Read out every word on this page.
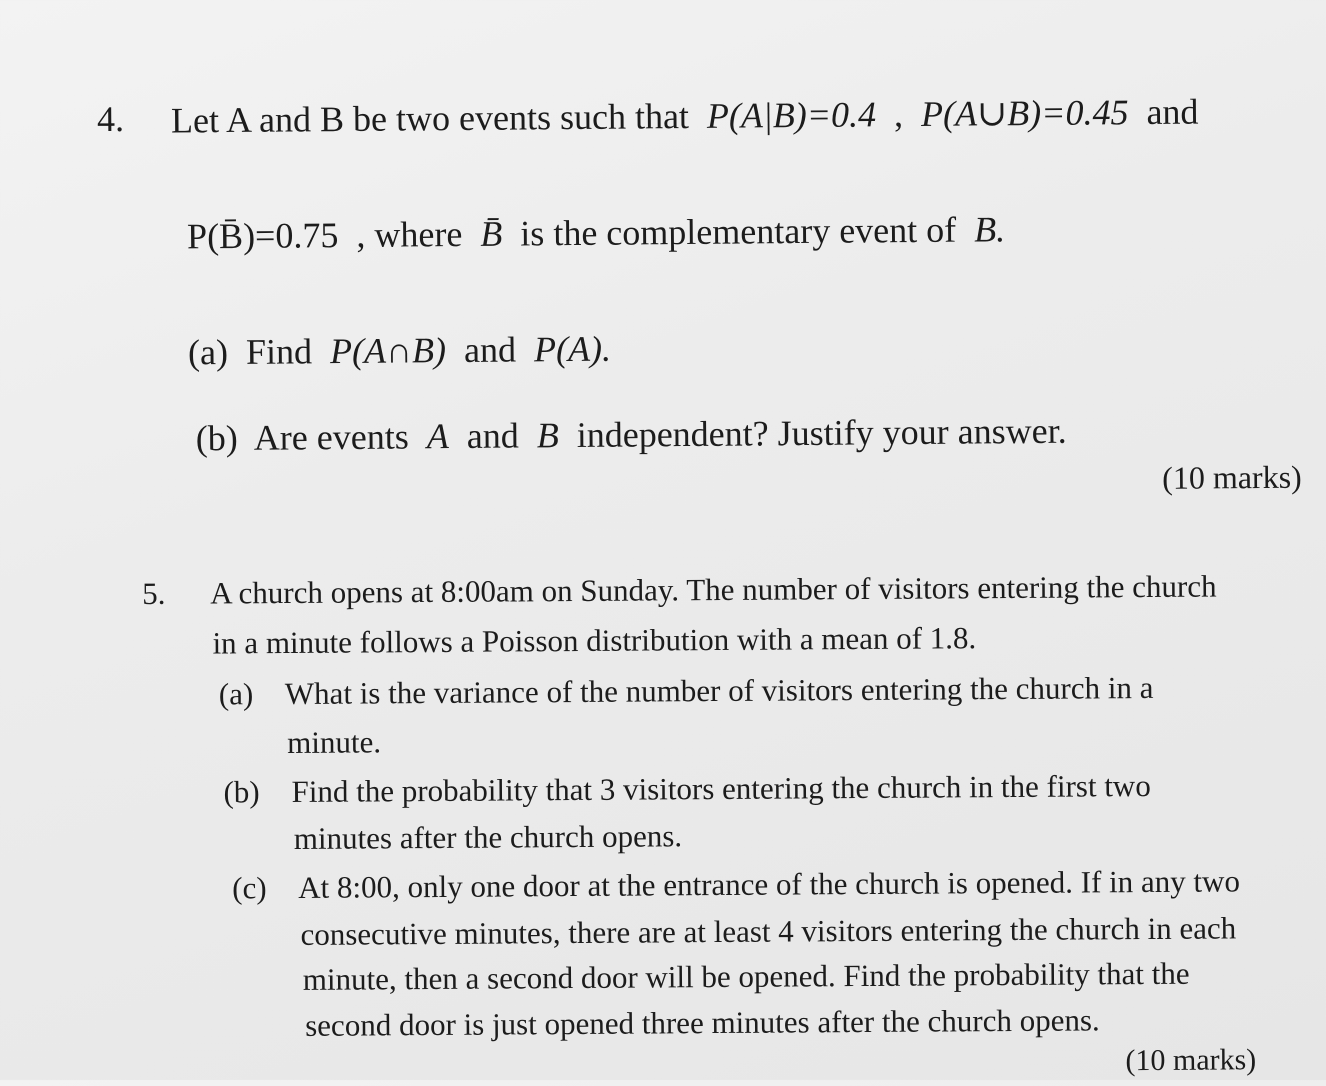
4. Let A and B be two events such that P(A|B)=0.4 , P(A∪B)=0.45 and
P(B̄)=0.75 , where B̄ is the complementary event of B.
(a) Find P(A∩B) and P(A).
(b) Are events A and B independent? Justify your answer.
(10 marks)
5. A church opens at 8:00am on Sunday. The number of visitors entering the church
in a minute follows a Poisson distribution with a mean of 1.8.
(a) What is the variance of the number of visitors entering the church in a
minute.
(b) Find the probability that 3 visitors entering the church in the first two
minutes after the church opens.
(c) At 8:00, only one door at the entrance of the church is opened. If in any two
consecutive minutes, there are at least 4 visitors entering the church in each
minute, then a second door will be opened. Find the probability that the
second door is just opened three minutes after the church opens.
(10 marks)
